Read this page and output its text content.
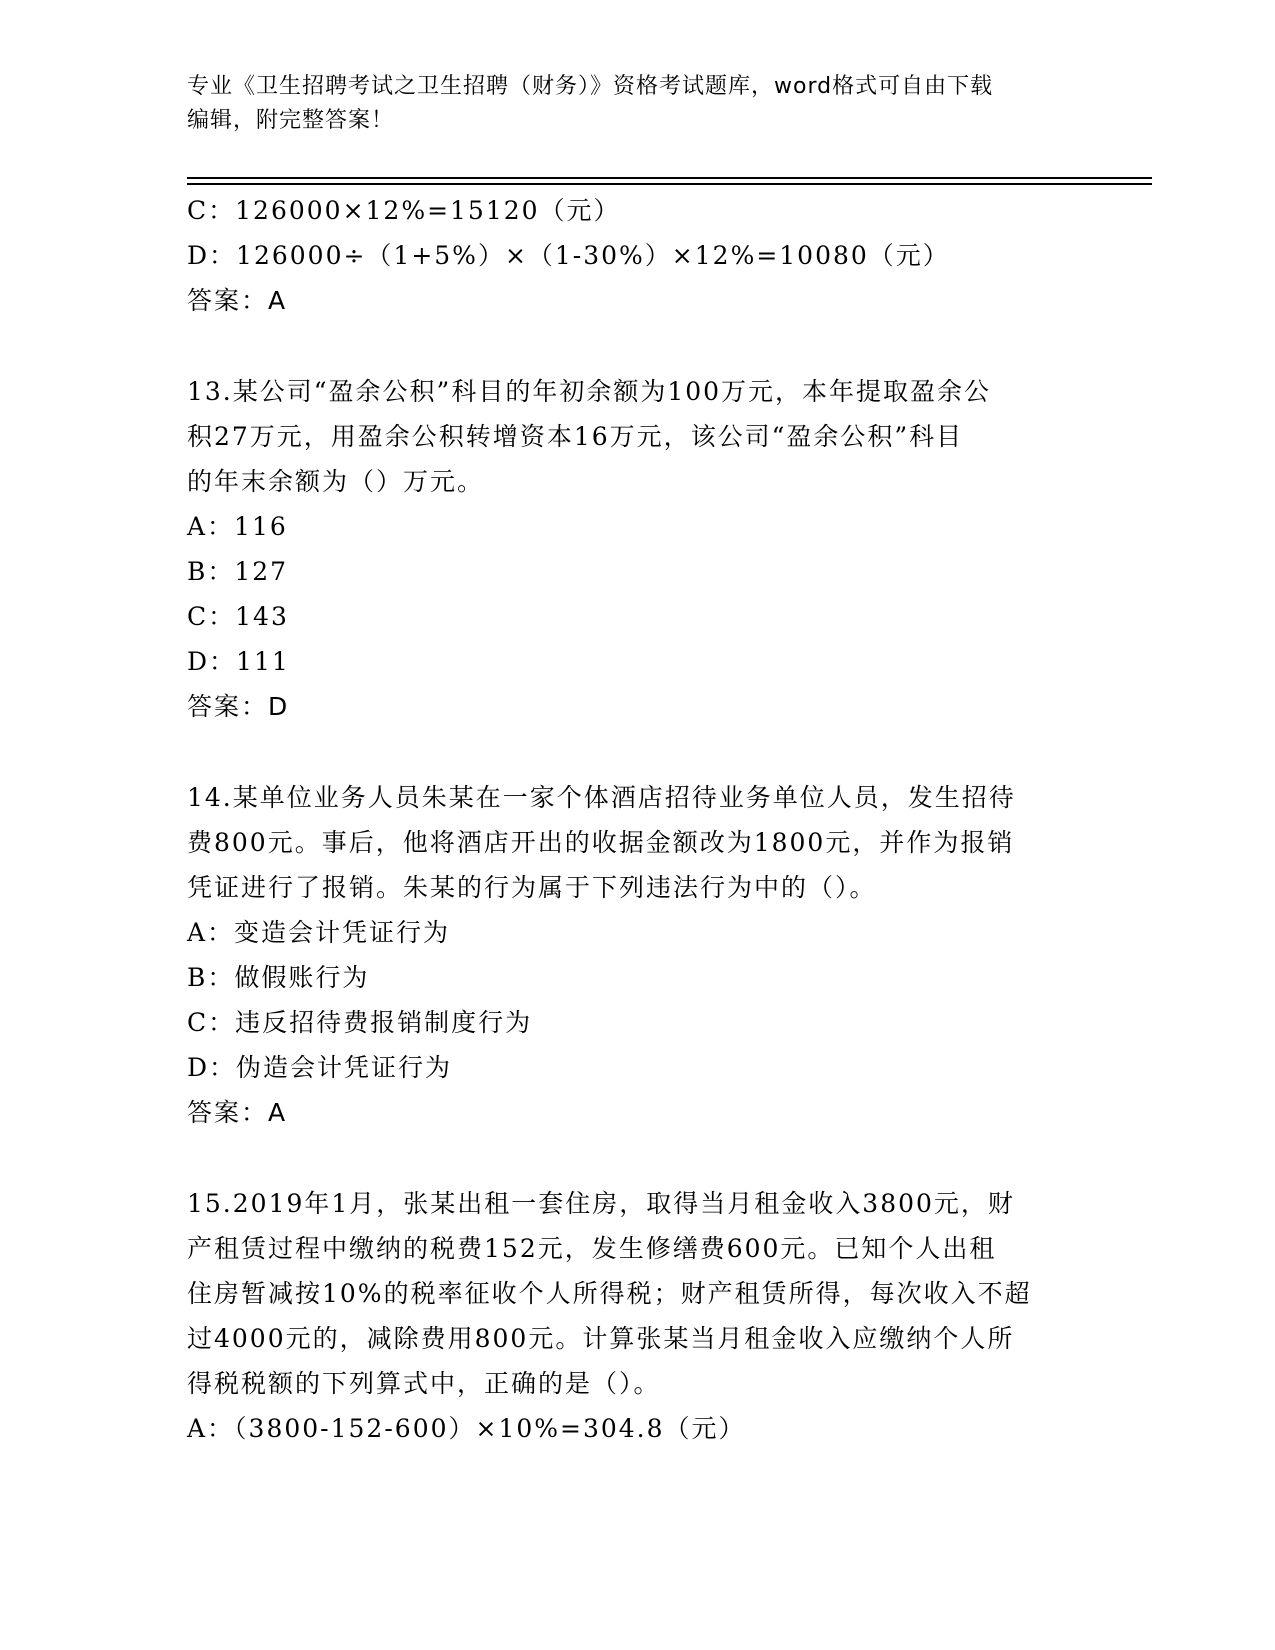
专业《卫生招聘考试之卫生招聘（财务）》资格考试题库，word格式可自由下载
编辑，附完整答案！
C：126000×12%=15120（元）
D：126000÷（1+5%）×（1-30%）×12%=10080（元）
答案：A
13.某公司“盈余公积”科目的年初余额为100万元，本年提取盈余公
积27万元，用盈余公积转增资本16万元，该公司“盈余公积”科目
的年末余额为（）万元。
A：116
B：127
C：143
D：111
答案：D
14.某单位业务人员朱某在一家个体酒店招待业务单位人员，发生招待
费800元。事后，他将酒店开出的收据金额改为1800元，并作为报销
凭证进行了报销。朱某的行为属于下列违法行为中的（）。
A：变造会计凭证行为
B：做假账行为
C：违反招待费报销制度行为
D：伪造会计凭证行为
答案：A
15.2019年1月，张某出租一套住房，取得当月租金收入3800元，财
产租赁过程中缴纳的税费152元，发生修缮费600元。已知个人出租
住房暂减按10%的税率征收个人所得税；财产租赁所得，每次收入不超
过4000元的，减除费用800元。计算张某当月租金收入应缴纳个人所
得税税额的下列算式中，正确的是（）。
A：（3800-152-600）×10%=304.8（元）
